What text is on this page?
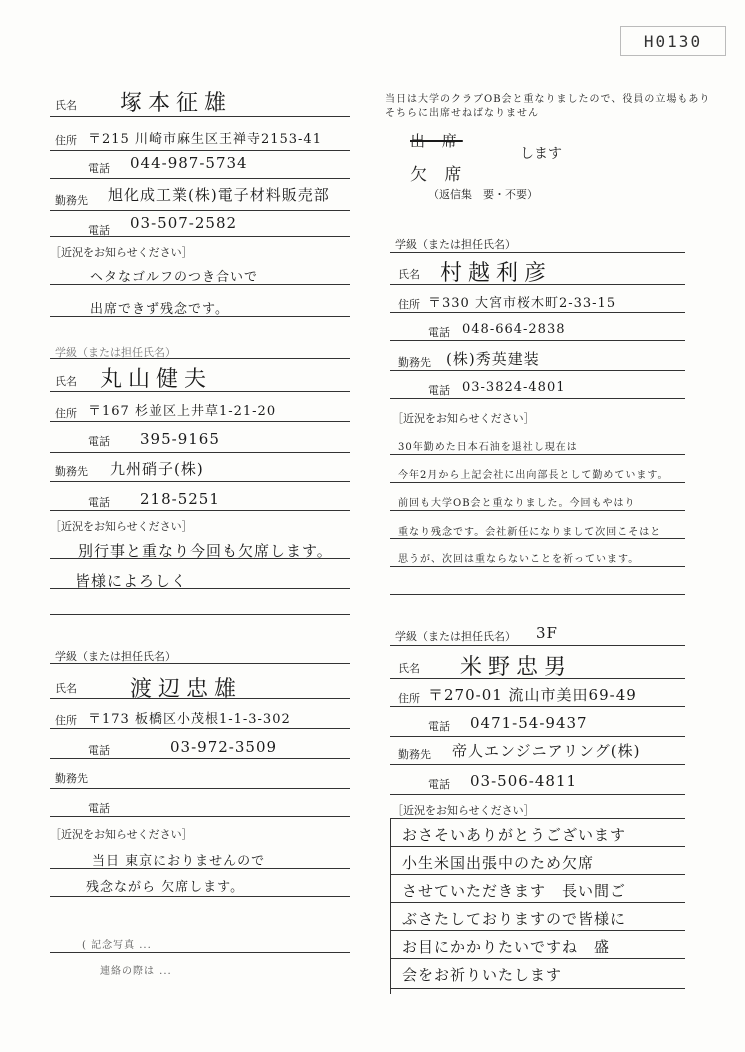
H0130
氏名 塚本征雄
住所 〒215 川崎市麻生区王禅寺2153-41
電話 044-987-5734
勤務先 旭化成工業(株)電子材料販売部
電話 03-507-2582
［近況をお知らせください］
ヘタなゴルフのつき合いで
出席できず残念です。
学級（または担任氏名）
氏名 丸山健夫
住所 〒167 杉並区上井草1-21-20
電話 395-9165
勤務先 九州硝子(株)
電話 218-5251
［近況をお知らせください］
別行事と重なり今回も欠席します。
皆様によろしく
学級（または担任氏名）
氏名 渡辺忠雄
住所 〒173 板橋区小茂根1-1-3-302
電話	03-972-3509
勤務先
電話
［近況をお知らせください］
当日 東京におりませんので
残念ながら 欠席します。
( 記念写真 ...
連絡の際は ...
当日は大学のクラブOB会と重なりましたので、役員の立場もあり
そちらに出席せねばなりません
出 席
します
欠 席
（返信集　要・不要）
学級（または担任氏名）
氏名 村越利彦
住所 〒330 大宮市桜木町2-33-15
電話 048-664-2838
勤務先 (株)秀英建装
電話 03-3824-4801
［近況をお知らせください］
30年勤めた日本石油を退社し現在は
今年2月から上記会社に出向部長として勤めています。
前回も大学OB会と重なりました。今回もやはり
重なり残念です。会社新任になりまして次回こそはと
思うが、次回は重ならないことを祈っています。
学級（または担任氏名） 3F
氏名 米野忠男
住所 〒270-01 流山市美田69-49
電話 0471-54-9437
勤務先 帝人エンジニアリング(株)
電話 03-506-4811
［近況をお知らせください］
おさそいありがとうございます
小生米国出張中のため欠席
させていただきます　長い間ご
ぶさたしておりますので皆様に
お目にかかりたいですね　盛
会をお祈りいたします
